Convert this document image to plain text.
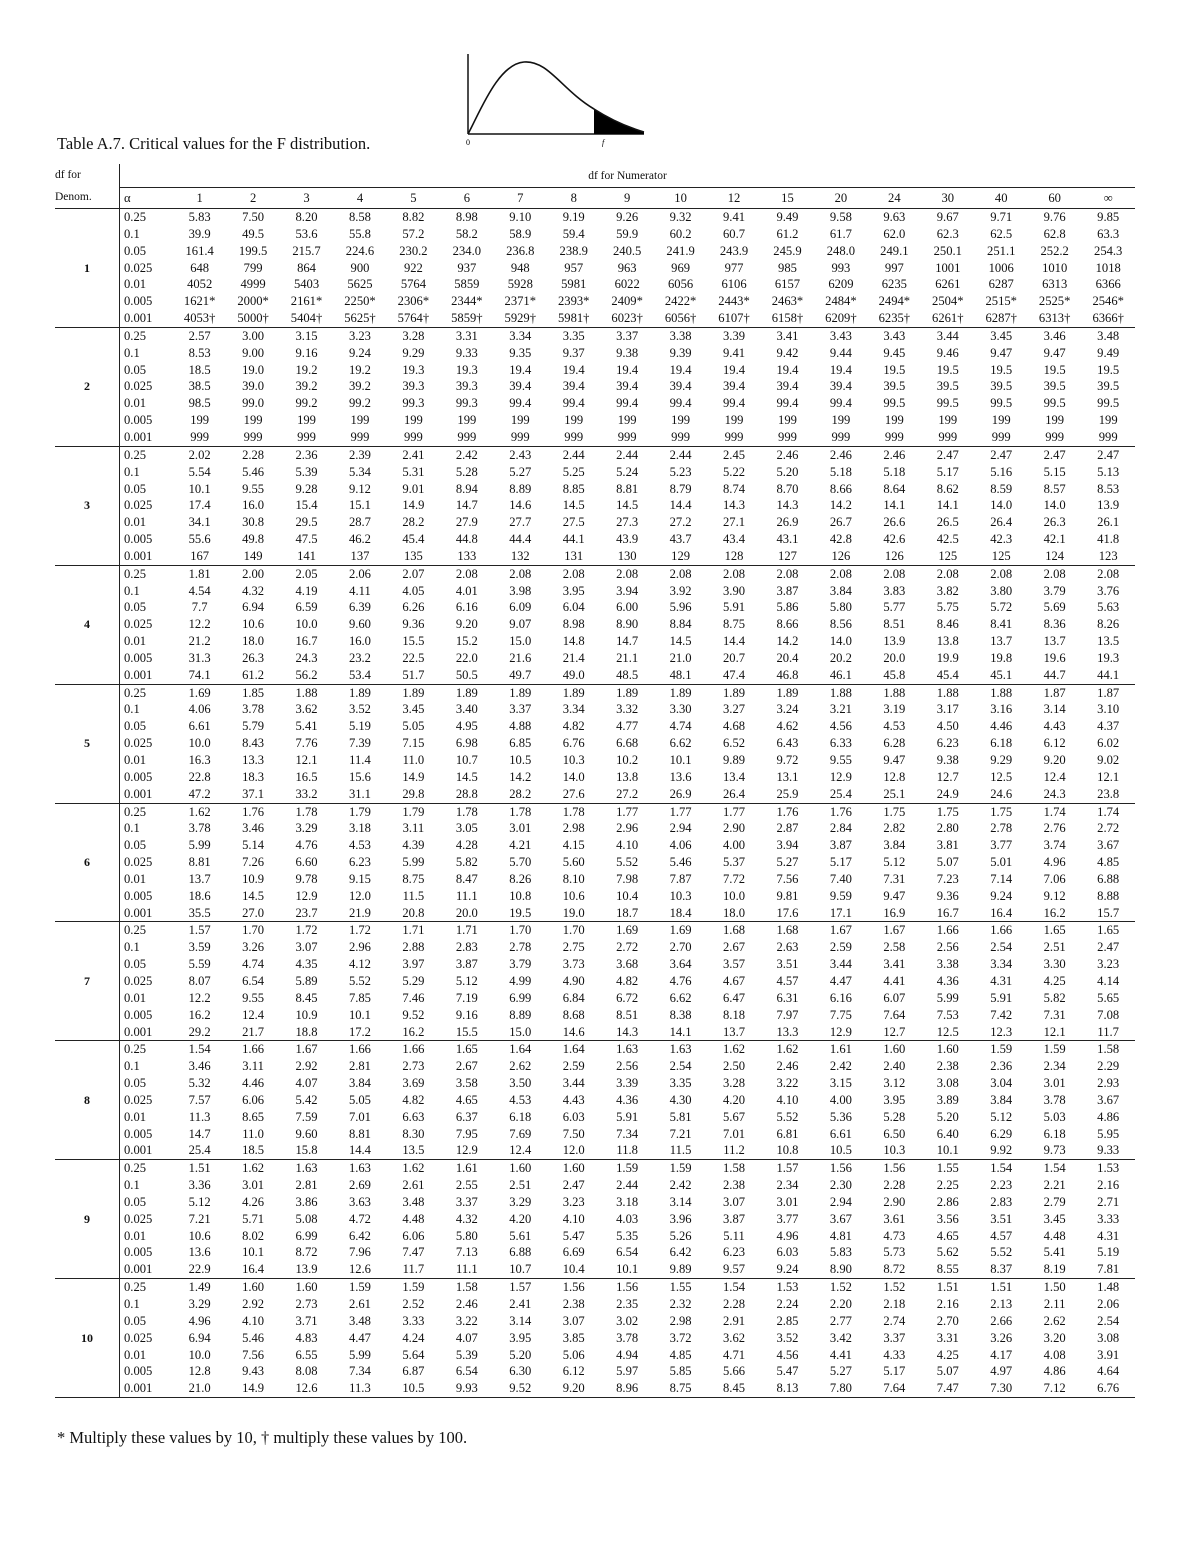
0	f
Table A.7. Critical values for the F distribution.
df for Denom.	df for Numerator																		
	α	1	2	3	4	5	6	7	8	9	10	12	15	20	24	30	40	60	∞
1	0.25	5.83	7.50	8.20	8.58	8.82	8.98	9.10	9.19	9.26	9.32	9.41	9.49	9.58	9.63	9.67	9.71	9.76	9.85
	0.1	39.9	49.5	53.6	55.8	57.2	58.2	58.9	59.4	59.9	60.2	60.7	61.2	61.7	62.0	62.3	62.5	62.8	63.3
	0.05	161.4	199.5	215.7	224.6	230.2	234.0	236.8	238.9	240.5	241.9	243.9	245.9	248.0	249.1	250.1	251.1	252.2	254.3
	0.025	648	799	864	900	922	937	948	957	963	969	977	985	993	997	1001	1006	1010	1018
	0.01	4052	4999	5403	5625	5764	5859	5928	5981	6022	6056	6106	6157	6209	6235	6261	6287	6313	6366
	0.005	1621*	2000*	2161*	2250*	2306*	2344*	2371*	2393*	2409*	2422*	2443*	2463*	2484*	2494*	2504*	2515*	2525*	2546*
	0.001	4053†	5000†	5404†	5625†	5764†	5859†	5929†	5981†	6023†	6056†	6107†	6158†	6209†	6235†	6261†	6287†	6313†	6366†
2	0.25	2.57	3.00	3.15	3.23	3.28	3.31	3.34	3.35	3.37	3.38	3.39	3.41	3.43	3.43	3.44	3.45	3.46	3.48
	0.1	8.53	9.00	9.16	9.24	9.29	9.33	9.35	9.37	9.38	9.39	9.41	9.42	9.44	9.45	9.46	9.47	9.47	9.49
	0.05	18.5	19.0	19.2	19.2	19.3	19.3	19.4	19.4	19.4	19.4	19.4	19.4	19.4	19.5	19.5	19.5	19.5	19.5
	0.025	38.5	39.0	39.2	39.2	39.3	39.3	39.4	39.4	39.4	39.4	39.4	39.4	39.4	39.5	39.5	39.5	39.5	39.5
	0.01	98.5	99.0	99.2	99.2	99.3	99.3	99.4	99.4	99.4	99.4	99.4	99.4	99.4	99.5	99.5	99.5	99.5	99.5
	0.005	199	199	199	199	199	199	199	199	199	199	199	199	199	199	199	199	199	199
	0.001	999	999	999	999	999	999	999	999	999	999	999	999	999	999	999	999	999	999
3	0.25	2.02	2.28	2.36	2.39	2.41	2.42	2.43	2.44	2.44	2.44	2.45	2.46	2.46	2.46	2.47	2.47	2.47	2.47
	0.1	5.54	5.46	5.39	5.34	5.31	5.28	5.27	5.25	5.24	5.23	5.22	5.20	5.18	5.18	5.17	5.16	5.15	5.13
	0.05	10.1	9.55	9.28	9.12	9.01	8.94	8.89	8.85	8.81	8.79	8.74	8.70	8.66	8.64	8.62	8.59	8.57	8.53
	0.025	17.4	16.0	15.4	15.1	14.9	14.7	14.6	14.5	14.5	14.4	14.3	14.3	14.2	14.1	14.1	14.0	14.0	13.9
	0.01	34.1	30.8	29.5	28.7	28.2	27.9	27.7	27.5	27.3	27.2	27.1	26.9	26.7	26.6	26.5	26.4	26.3	26.1
	0.005	55.6	49.8	47.5	46.2	45.4	44.8	44.4	44.1	43.9	43.7	43.4	43.1	42.8	42.6	42.5	42.3	42.1	41.8
	0.001	167	149	141	137	135	133	132	131	130	129	128	127	126	126	125	125	124	123
4	0.25	1.81	2.00	2.05	2.06	2.07	2.08	2.08	2.08	2.08	2.08	2.08	2.08	2.08	2.08	2.08	2.08	2.08	2.08
	0.1	4.54	4.32	4.19	4.11	4.05	4.01	3.98	3.95	3.94	3.92	3.90	3.87	3.84	3.83	3.82	3.80	3.79	3.76
	0.05	7.7	6.94	6.59	6.39	6.26	6.16	6.09	6.04	6.00	5.96	5.91	5.86	5.80	5.77	5.75	5.72	5.69	5.63
	0.025	12.2	10.6	10.0	9.60	9.36	9.20	9.07	8.98	8.90	8.84	8.75	8.66	8.56	8.51	8.46	8.41	8.36	8.26
	0.01	21.2	18.0	16.7	16.0	15.5	15.2	15.0	14.8	14.7	14.5	14.4	14.2	14.0	13.9	13.8	13.7	13.7	13.5
	0.005	31.3	26.3	24.3	23.2	22.5	22.0	21.6	21.4	21.1	21.0	20.7	20.4	20.2	20.0	19.9	19.8	19.6	19.3
	0.001	74.1	61.2	56.2	53.4	51.7	50.5	49.7	49.0	48.5	48.1	47.4	46.8	46.1	45.8	45.4	45.1	44.7	44.1
5	0.25	1.69	1.85	1.88	1.89	1.89	1.89	1.89	1.89	1.89	1.89	1.89	1.89	1.88	1.88	1.88	1.88	1.87	1.87
	0.1	4.06	3.78	3.62	3.52	3.45	3.40	3.37	3.34	3.32	3.30	3.27	3.24	3.21	3.19	3.17	3.16	3.14	3.10
	0.05	6.61	5.79	5.41	5.19	5.05	4.95	4.88	4.82	4.77	4.74	4.68	4.62	4.56	4.53	4.50	4.46	4.43	4.37
	0.025	10.0	8.43	7.76	7.39	7.15	6.98	6.85	6.76	6.68	6.62	6.52	6.43	6.33	6.28	6.23	6.18	6.12	6.02
	0.01	16.3	13.3	12.1	11.4	11.0	10.7	10.5	10.3	10.2	10.1	9.89	9.72	9.55	9.47	9.38	9.29	9.20	9.02
	0.005	22.8	18.3	16.5	15.6	14.9	14.5	14.2	14.0	13.8	13.6	13.4	13.1	12.9	12.8	12.7	12.5	12.4	12.1
	0.001	47.2	37.1	33.2	31.1	29.8	28.8	28.2	27.6	27.2	26.9	26.4	25.9	25.4	25.1	24.9	24.6	24.3	23.8
6	0.25	1.62	1.76	1.78	1.79	1.79	1.78	1.78	1.78	1.77	1.77	1.77	1.76	1.76	1.75	1.75	1.75	1.74	1.74
	0.1	3.78	3.46	3.29	3.18	3.11	3.05	3.01	2.98	2.96	2.94	2.90	2.87	2.84	2.82	2.80	2.78	2.76	2.72
	0.05	5.99	5.14	4.76	4.53	4.39	4.28	4.21	4.15	4.10	4.06	4.00	3.94	3.87	3.84	3.81	3.77	3.74	3.67
	0.025	8.81	7.26	6.60	6.23	5.99	5.82	5.70	5.60	5.52	5.46	5.37	5.27	5.17	5.12	5.07	5.01	4.96	4.85
	0.01	13.7	10.9	9.78	9.15	8.75	8.47	8.26	8.10	7.98	7.87	7.72	7.56	7.40	7.31	7.23	7.14	7.06	6.88
	0.005	18.6	14.5	12.9	12.0	11.5	11.1	10.8	10.6	10.4	10.3	10.0	9.81	9.59	9.47	9.36	9.24	9.12	8.88
	0.001	35.5	27.0	23.7	21.9	20.8	20.0	19.5	19.0	18.7	18.4	18.0	17.6	17.1	16.9	16.7	16.4	16.2	15.7
7	0.25	1.57	1.70	1.72	1.72	1.71	1.71	1.70	1.70	1.69	1.69	1.68	1.68	1.67	1.67	1.66	1.66	1.65	1.65
	0.1	3.59	3.26	3.07	2.96	2.88	2.83	2.78	2.75	2.72	2.70	2.67	2.63	2.59	2.58	2.56	2.54	2.51	2.47
	0.05	5.59	4.74	4.35	4.12	3.97	3.87	3.79	3.73	3.68	3.64	3.57	3.51	3.44	3.41	3.38	3.34	3.30	3.23
	0.025	8.07	6.54	5.89	5.52	5.29	5.12	4.99	4.90	4.82	4.76	4.67	4.57	4.47	4.41	4.36	4.31	4.25	4.14
	0.01	12.2	9.55	8.45	7.85	7.46	7.19	6.99	6.84	6.72	6.62	6.47	6.31	6.16	6.07	5.99	5.91	5.82	5.65
	0.005	16.2	12.4	10.9	10.1	9.52	9.16	8.89	8.68	8.51	8.38	8.18	7.97	7.75	7.64	7.53	7.42	7.31	7.08
	0.001	29.2	21.7	18.8	17.2	16.2	15.5	15.0	14.6	14.3	14.1	13.7	13.3	12.9	12.7	12.5	12.3	12.1	11.7
8	0.25	1.54	1.66	1.67	1.66	1.66	1.65	1.64	1.64	1.63	1.63	1.62	1.62	1.61	1.60	1.60	1.59	1.59	1.58
	0.1	3.46	3.11	2.92	2.81	2.73	2.67	2.62	2.59	2.56	2.54	2.50	2.46	2.42	2.40	2.38	2.36	2.34	2.29
	0.05	5.32	4.46	4.07	3.84	3.69	3.58	3.50	3.44	3.39	3.35	3.28	3.22	3.15	3.12	3.08	3.04	3.01	2.93
	0.025	7.57	6.06	5.42	5.05	4.82	4.65	4.53	4.43	4.36	4.30	4.20	4.10	4.00	3.95	3.89	3.84	3.78	3.67
	0.01	11.3	8.65	7.59	7.01	6.63	6.37	6.18	6.03	5.91	5.81	5.67	5.52	5.36	5.28	5.20	5.12	5.03	4.86
	0.005	14.7	11.0	9.60	8.81	8.30	7.95	7.69	7.50	7.34	7.21	7.01	6.81	6.61	6.50	6.40	6.29	6.18	5.95
	0.001	25.4	18.5	15.8	14.4	13.5	12.9	12.4	12.0	11.8	11.5	11.2	10.8	10.5	10.3	10.1	9.92	9.73	9.33
9	0.25	1.51	1.62	1.63	1.63	1.62	1.61	1.60	1.60	1.59	1.59	1.58	1.57	1.56	1.56	1.55	1.54	1.54	1.53
	0.1	3.36	3.01	2.81	2.69	2.61	2.55	2.51	2.47	2.44	2.42	2.38	2.34	2.30	2.28	2.25	2.23	2.21	2.16
	0.05	5.12	4.26	3.86	3.63	3.48	3.37	3.29	3.23	3.18	3.14	3.07	3.01	2.94	2.90	2.86	2.83	2.79	2.71
	0.025	7.21	5.71	5.08	4.72	4.48	4.32	4.20	4.10	4.03	3.96	3.87	3.77	3.67	3.61	3.56	3.51	3.45	3.33
	0.01	10.6	8.02	6.99	6.42	6.06	5.80	5.61	5.47	5.35	5.26	5.11	4.96	4.81	4.73	4.65	4.57	4.48	4.31
	0.005	13.6	10.1	8.72	7.96	7.47	7.13	6.88	6.69	6.54	6.42	6.23	6.03	5.83	5.73	5.62	5.52	5.41	5.19
	0.001	22.9	16.4	13.9	12.6	11.7	11.1	10.7	10.4	10.1	9.89	9.57	9.24	8.90	8.72	8.55	8.37	8.19	7.81
10	0.25	1.49	1.60	1.60	1.59	1.59	1.58	1.57	1.56	1.56	1.55	1.54	1.53	1.52	1.52	1.51	1.51	1.50	1.48
	0.1	3.29	2.92	2.73	2.61	2.52	2.46	2.41	2.38	2.35	2.32	2.28	2.24	2.20	2.18	2.16	2.13	2.11	2.06
	0.05	4.96	4.10	3.71	3.48	3.33	3.22	3.14	3.07	3.02	2.98	2.91	2.85	2.77	2.74	2.70	2.66	2.62	2.54
	0.025	6.94	5.46	4.83	4.47	4.24	4.07	3.95	3.85	3.78	3.72	3.62	3.52	3.42	3.37	3.31	3.26	3.20	3.08
	0.01	10.0	7.56	6.55	5.99	5.64	5.39	5.20	5.06	4.94	4.85	4.71	4.56	4.41	4.33	4.25	4.17	4.08	3.91
	0.005	12.8	9.43	8.08	7.34	6.87	6.54	6.30	6.12	5.97	5.85	5.66	5.47	5.27	5.17	5.07	4.97	4.86	4.64
	0.001	21.0	14.9	12.6	11.3	10.5	9.93	9.52	9.20	8.96	8.75	8.45	8.13	7.80	7.64	7.47	7.30	7.12	6.76
* Multiply these values by 10, † multiply these values by 100.
